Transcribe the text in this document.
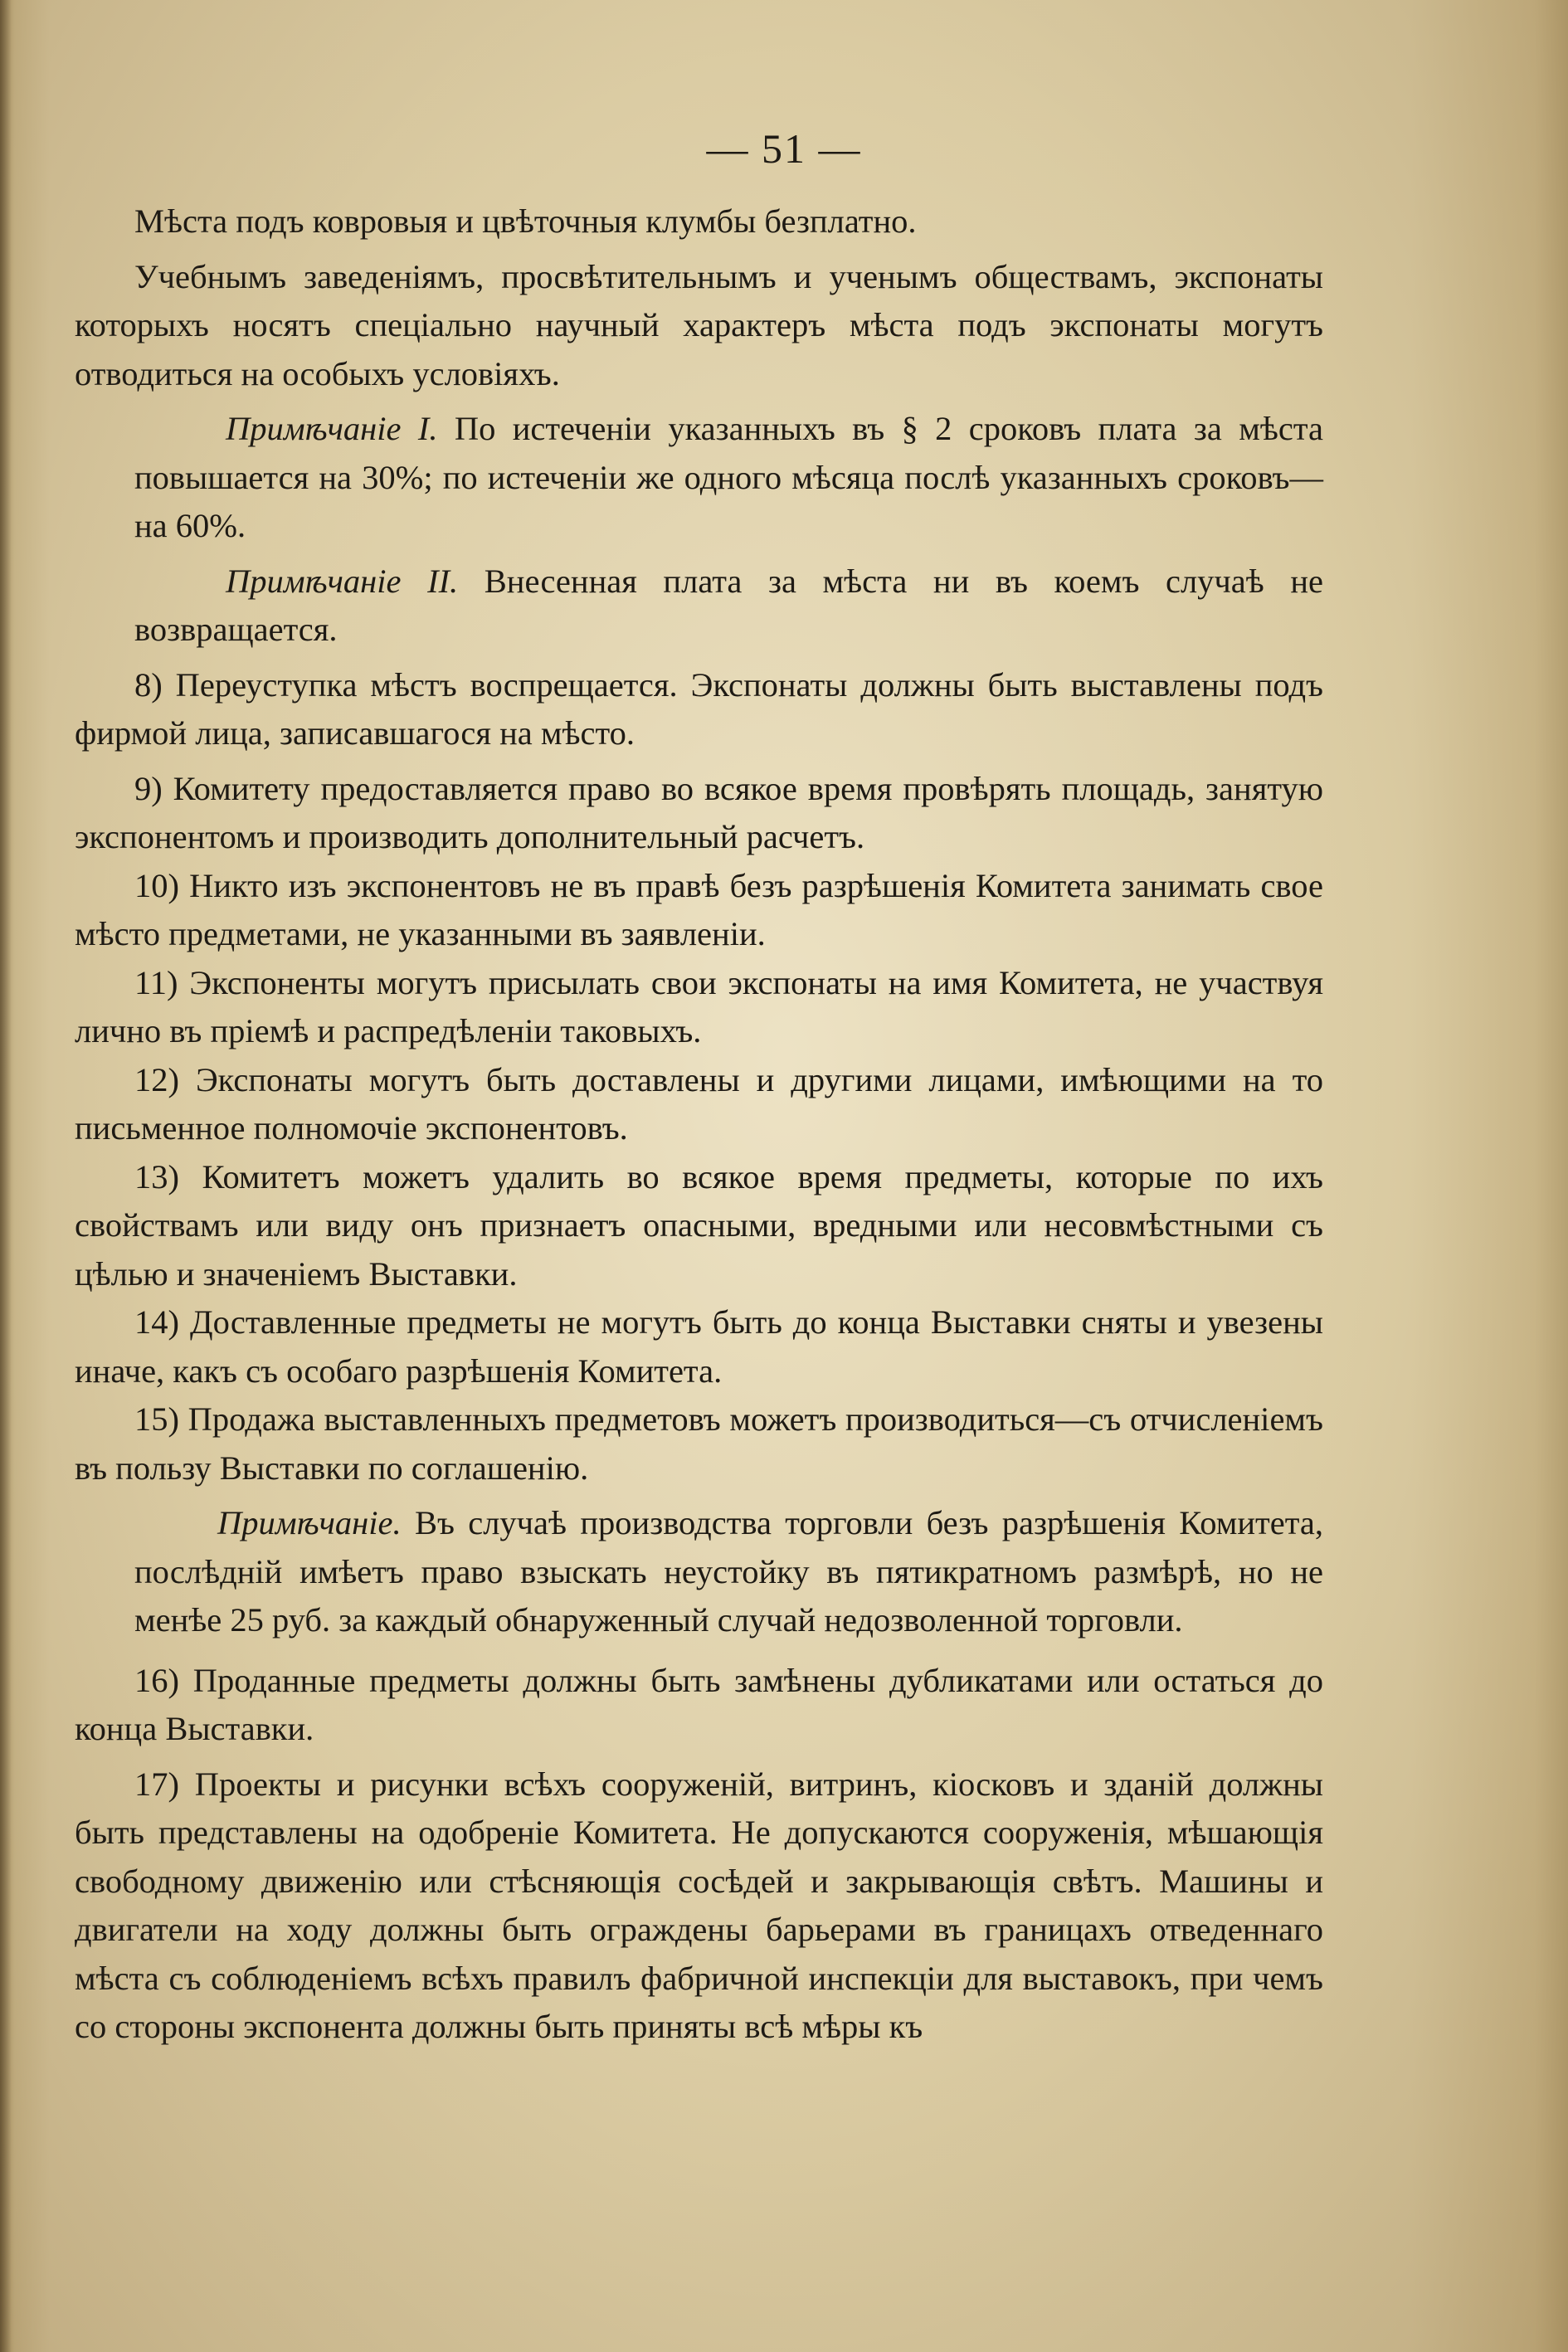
— 51 —

Мѣста подъ ковровыя и цвѣточныя клумбы безплатно.

Учебнымъ заведеніямъ, просвѣтительнымъ и ученымъ обществамъ, экспонаты которыхъ носятъ спеціально научный характеръ мѣста подъ экспонаты могутъ отводиться на особыхъ условіяхъ.

Примѣчаніе I. По истеченіи указанныхъ въ § 2 сроковъ плата за мѣста повышается на 30%; по истеченіи же одного мѣсяца послѣ указанныхъ сроковъ—на 60%.

Примѣчаніе II. Внесенная плата за мѣста ни въ коемъ случаѣ не возвращается.

8) Переуступка мѣстъ воспрещается. Экспонаты должны быть выставлены подъ фирмой лица, записавшагося на мѣсто.

9) Комитету предоставляется право во всякое время провѣрять площадь, занятую экспонентомъ и производить дополнительный расчетъ.

10) Никто изъ экспонентовъ не въ правѣ безъ разрѣшенія Комитета занимать свое мѣсто предметами, не указанными въ заявленіи.

11) Экспоненты могутъ присылать свои экспонаты на имя Комитета, не участвуя лично въ пріемѣ и распредѣленіи таковыхъ.

12) Экспонаты могутъ быть доставлены и другими лицами, имѣющими на то письменное полномочіе экспонентовъ.

13) Комитетъ можетъ удалить во всякое время предметы, которые по ихъ свойствамъ или виду онъ признаетъ опасными, вредными или несовмѣстными съ цѣлью и значеніемъ Выставки.

14) Доставленные предметы не могутъ быть до конца Выставки сняты и увезены иначе, какъ съ особаго разрѣшенія Комитета.

15) Продажа выставленныхъ предметовъ можетъ производиться—съ отчисленіемъ въ пользу Выставки по соглашенію.

Примѣчаніе. Въ случаѣ производства торговли безъ разрѣшенія Комитета, послѣдній имѣетъ право взыскать неустойку въ пятикратномъ размѣрѣ, но не менѣе 25 руб. за каждый обнаруженный случай недозволенной торговли.

16) Проданные предметы должны быть замѣнены дубликатами или остаться до конца Выставки.

17) Проекты и рисунки всѣхъ сооруженій, витринъ, кіосковъ и зданій должны быть представлены на одобреніе Комитета. Не допускаются сооруженія, мѣшающія свободному движенію или стѣсняющія сосѣдей и закрывающія свѣтъ. Машины и двигатели на ходу должны быть ограждены барьерами въ границахъ отведеннаго мѣста съ соблюденіемъ всѣхъ правилъ фабричной инспекціи для выставокъ, при чемъ со стороны экспонента должны быть приняты всѣ мѣры къ
